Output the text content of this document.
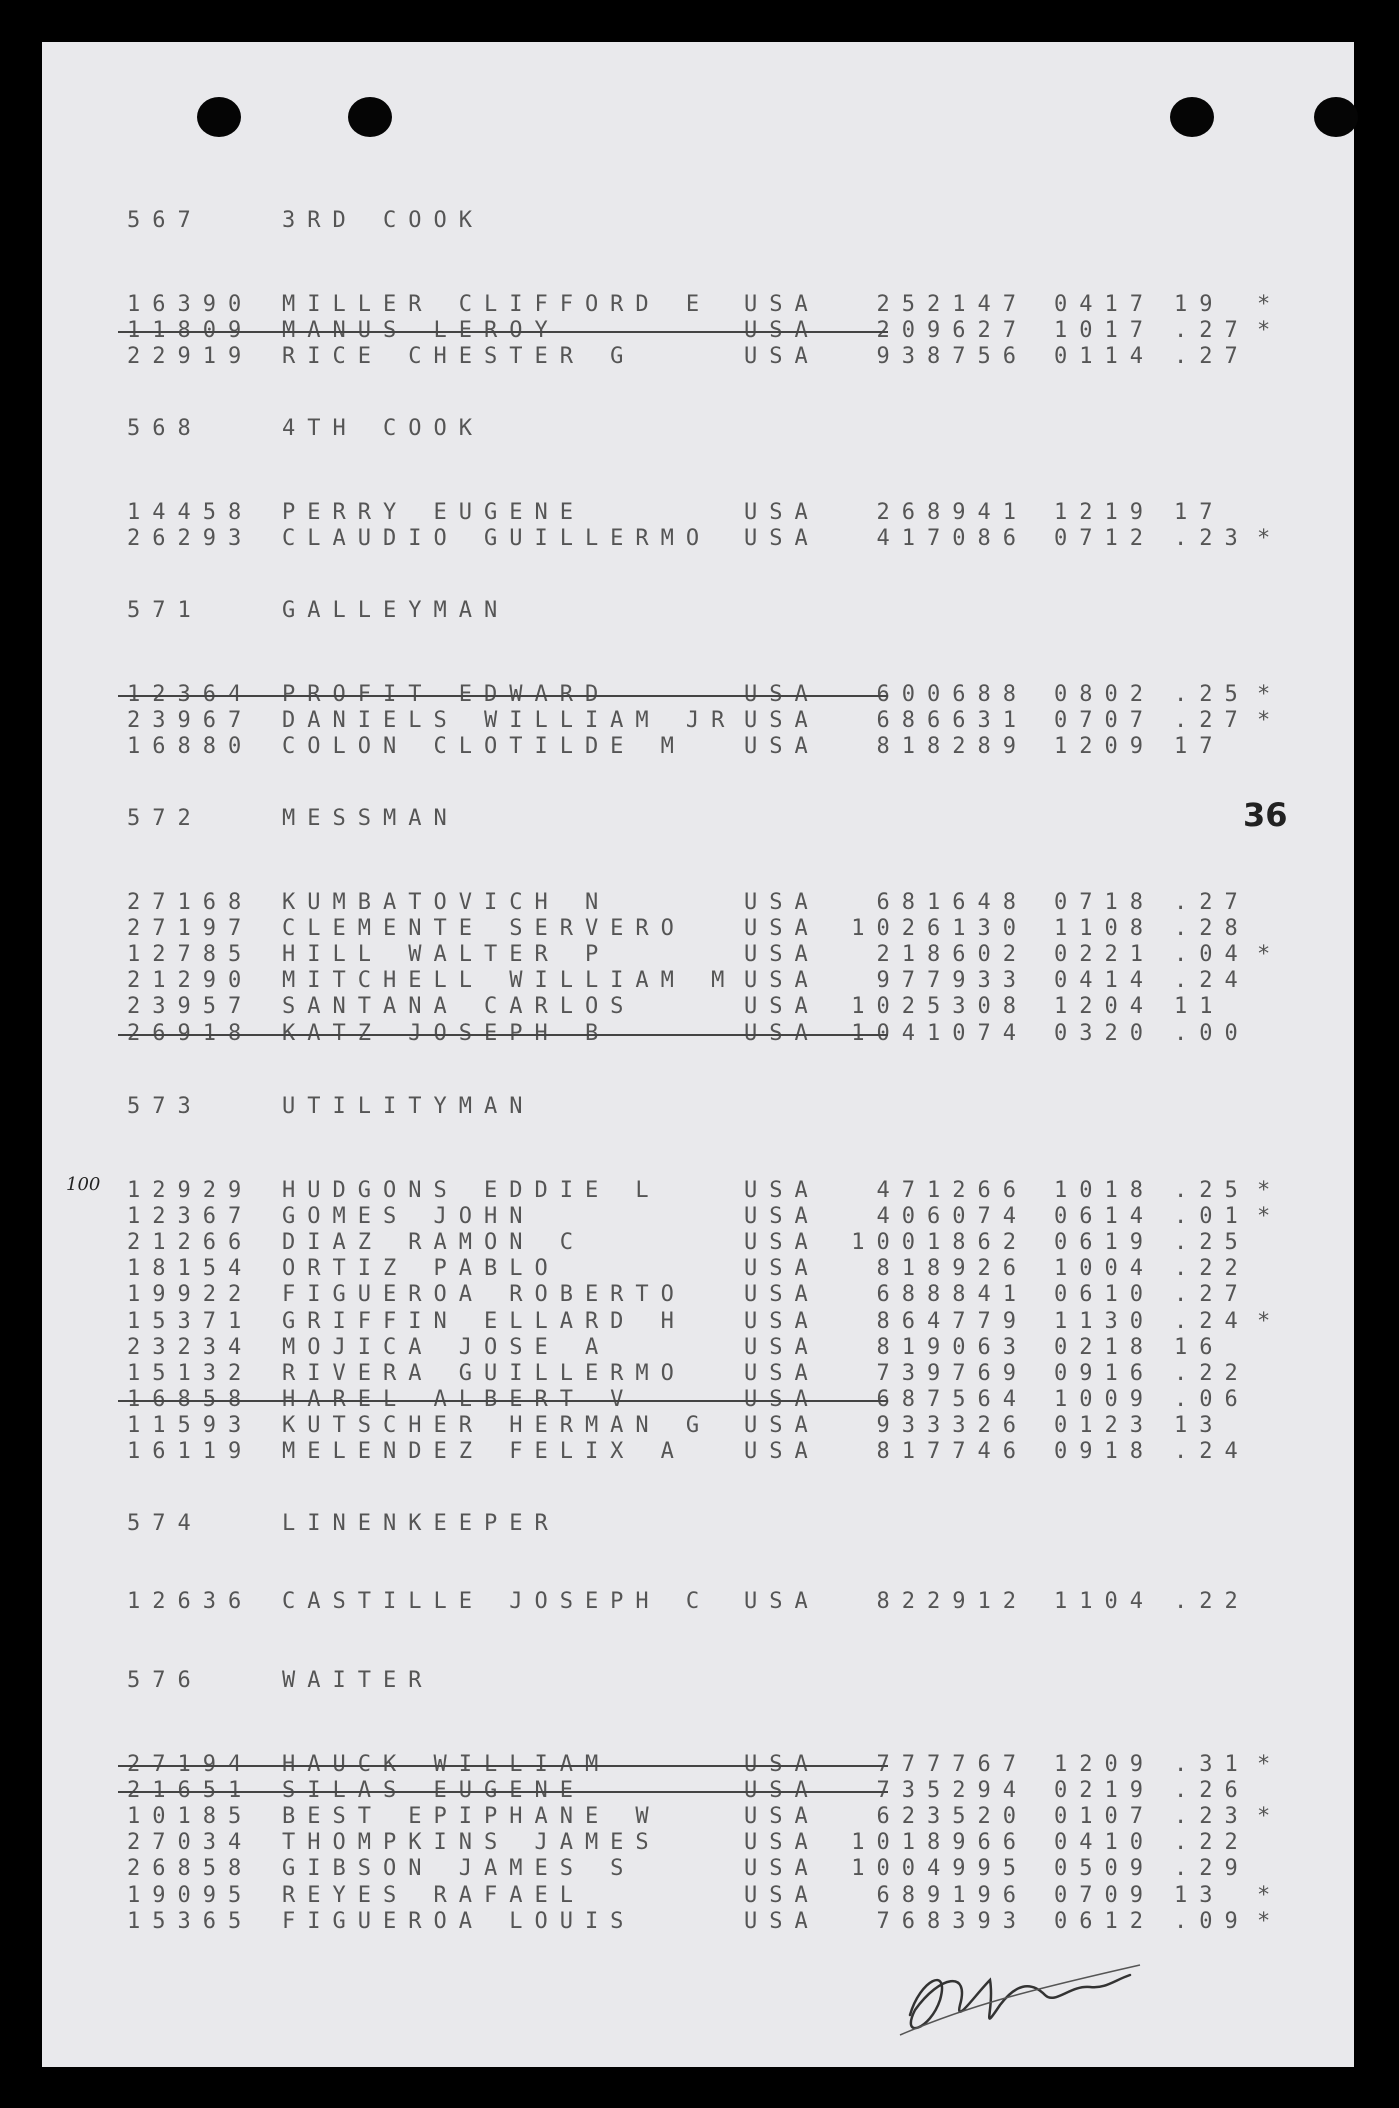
567	3RD COOK
16390 MILLER CLIFFORD E USA	252147 0417 19 *
11809 MANUS LEROY	USA	209627 1017 .27 *
22919 RICE CHESTER G	USA	938756 0114 .27
568	4TH COOK
14458 PERRY EUGENE	USA	268941 1219 17
26293 CLAUDIO GUILLERMO USA	417086 0712 .23 *
571	GALLEYMAN
12364 PROFIT EDWARD	USA	600688 0802 .25 *
23967 DANIELS WILLIAM JR USA	686631 0707 .27 *
16880 COLON CLOTILDE M	USA	818289 1209 17
572	MESSMAN
27168 KUMBATOVICH N	USA	681648 0718 .27
27197 CLEMENTE SERVERO	USA	1026130 1108 .28
12785 HILL WALTER P	USA	218602 0221 .04 *
21290 MITCHELL WILLIAM M USA	977933 0414 .24
23957 SANTANA CARLOS	USA	1025308 1204 11
26918 KATZ JOSEPH B	USA	1041074 0320 .00
573	UTILITYMAN
12929 HUDGONS EDDIE L	USA	471266 1018 .25 *
12367 GOMES JOHN	USA	406074 0614 .01 *
21266 DIAZ RAMON C	USA	1001862 0619 .25
18154 ORTIZ PABLO	USA	818926 1004 .22
19922 FIGUEROA ROBERTO	USA	688841 0610 .27
15371 GRIFFIN ELLARD H	USA	864779 1130 .24 *
23234 MOJICA JOSE A	USA	819063 0218 16
15132 RIVERA GUILLERMO	USA	739769 0916 .22
16858 HAREL ALBERT V	USA	687564 1009 .06
11593 KUTSCHER HERMAN G USA	933326 0123 13
16119 MELENDEZ FELIX A	USA	817746 0918 .24
574	LINENKEEPER
12636 CASTILLE JOSEPH C USA	822912 1104 .22
576	WAITER
27194 HAUCK WILLIAM	USA	777767 1209 .31 *
21651 SILAS EUGENE	USA	735294 0219 .26
10185 BEST EPIPHANE W	USA	623520 0107 .23 *
27034 THOMPKINS JAMES	USA	1018966 0410 .22
26858 GIBSON JAMES S	USA	1004995 0509 .29
19095 REYES RAFAEL	USA	689196 0709 13 *
15365 FIGUEROA LOUIS	USA	768393 0612 .09 *
36
100
